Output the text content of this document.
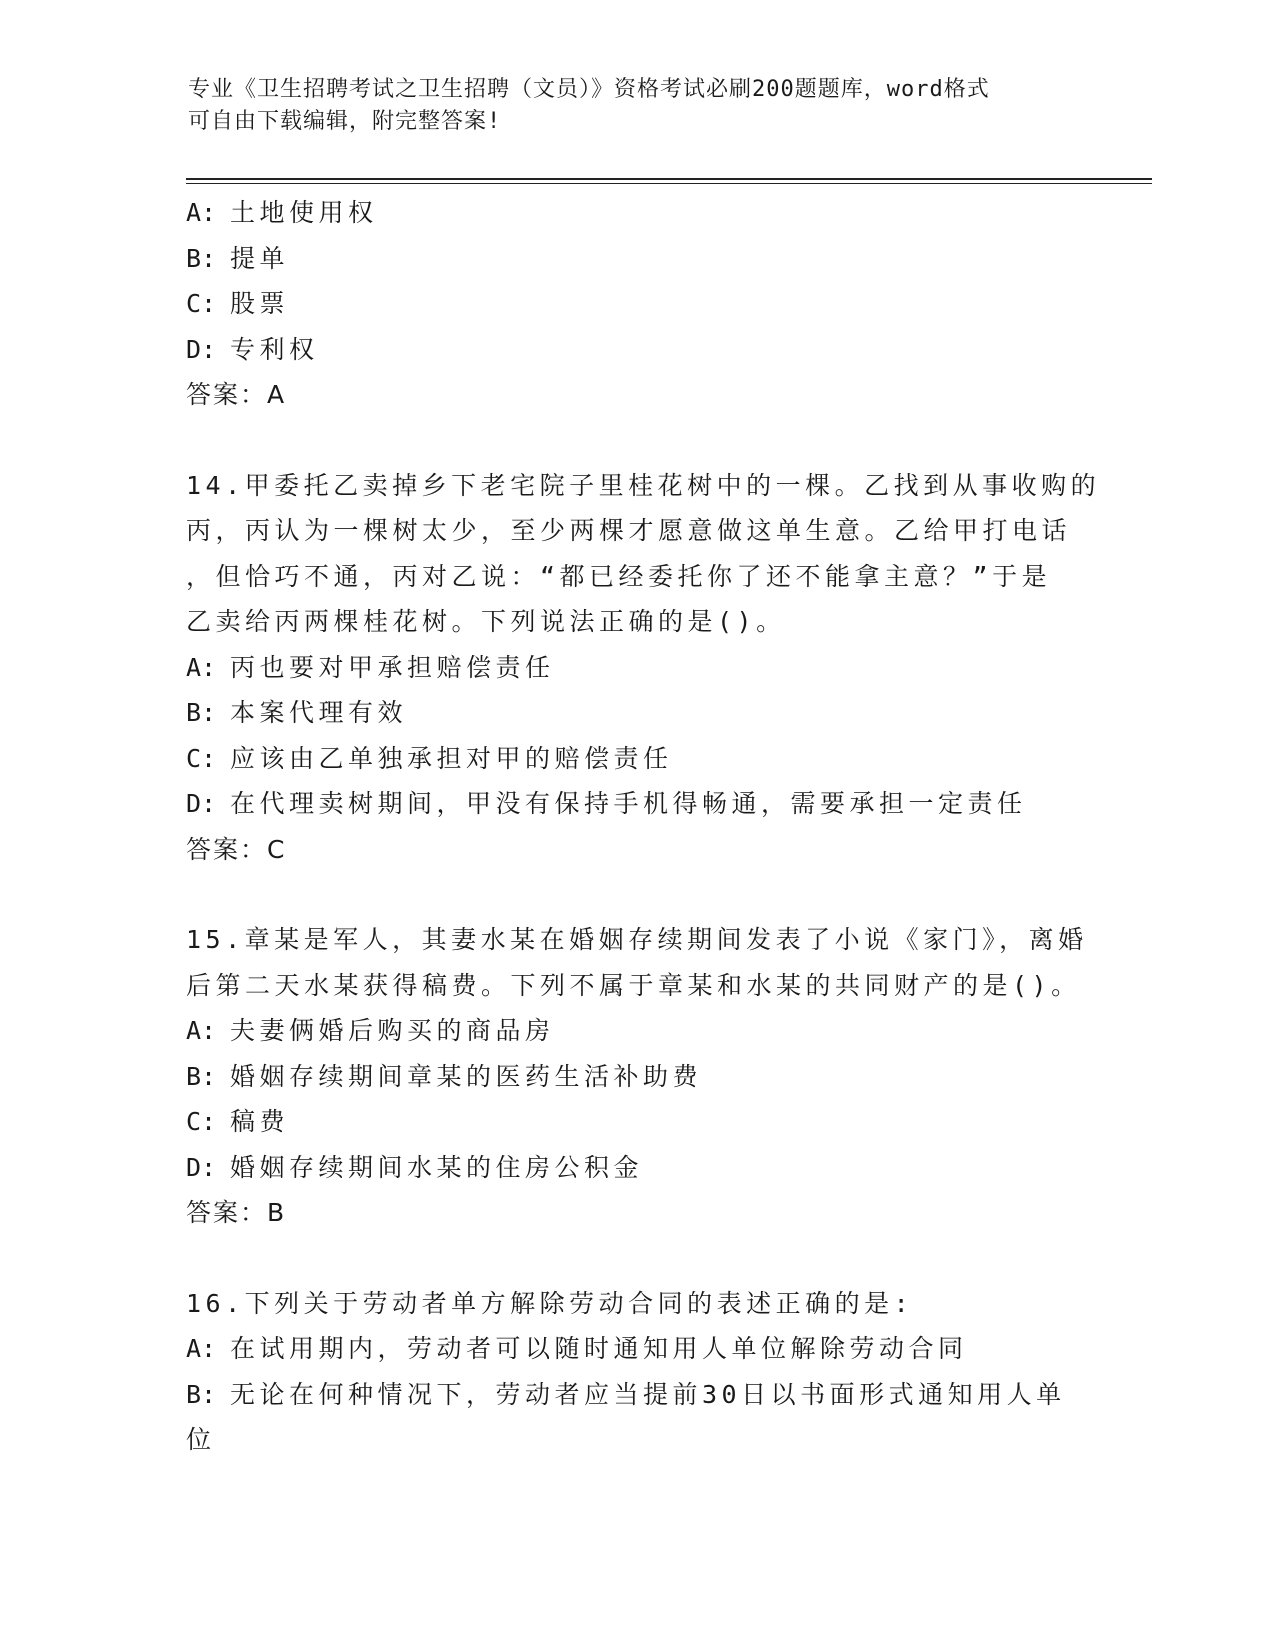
专业《卫生招聘考试之卫生招聘（文员）》资格考试必刷200题题库，word格式
可自由下载编辑，附完整答案!
A: 土地使用权
B: 提单
C: 股票
D: 专利权
答案：A
14.甲委托乙卖掉乡下老宅院子里桂花树中的一棵。乙找到从事收购的
丙，丙认为一棵树太少，至少两棵才愿意做这单生意。乙给甲打电话
，但恰巧不通，丙对乙说：“都已经委托你了还不能拿主意？”于是
乙卖给丙两棵桂花树。下列说法正确的是()。
A: 丙也要对甲承担赔偿责任
B: 本案代理有效
C: 应该由乙单独承担对甲的赔偿责任
D: 在代理卖树期间，甲没有保持手机得畅通，需要承担一定责任
答案：C
15.章某是军人，其妻水某在婚姻存续期间发表了小说《家门》，离婚
后第二天水某获得稿费。下列不属于章某和水某的共同财产的是()。
A: 夫妻俩婚后购买的商品房
B: 婚姻存续期间章某的医药生活补助费
C: 稿费
D: 婚姻存续期间水某的住房公积金
答案：B
16.下列关于劳动者单方解除劳动合同的表述正确的是:
A: 在试用期内，劳动者可以随时通知用人单位解除劳动合同
B: 无论在何种情况下，劳动者应当提前30日以书面形式通知用人单
位
